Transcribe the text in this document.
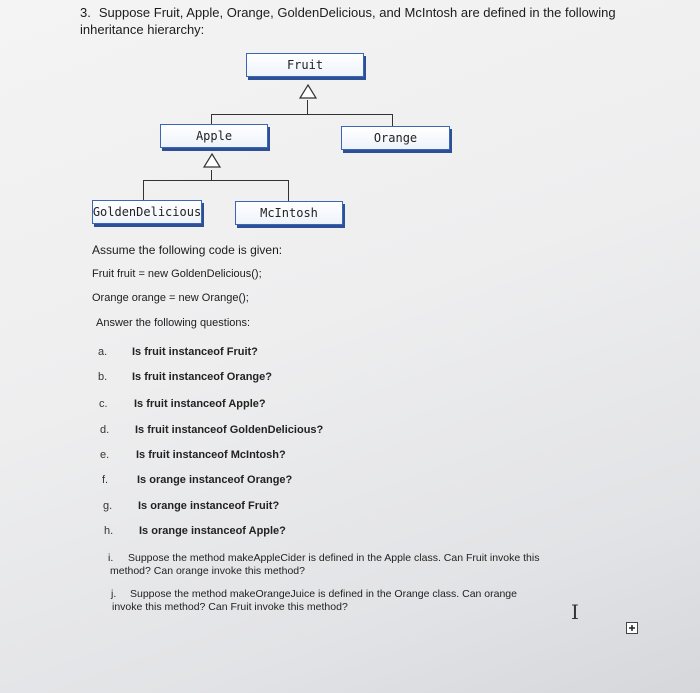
3. Suppose Fruit, Apple, Orange, GoldenDelicious, and McIntosh are defined in the following inheritance hierarchy:
Fruit
Apple	Orange
GoldenDelicious	McIntosh
Assume the following code is given:
Fruit fruit = new GoldenDelicious();
Orange orange = new Orange();
Answer the following questions:
a. Is fruit instanceof Fruit?
b. Is fruit instanceof Orange?
c. Is fruit instanceof Apple?
d. Is fruit instanceof GoldenDelicious?
e. Is fruit instanceof McIntosh?
f.	Is orange instanceof Orange?
g. Is orange instanceof Fruit?
h. Is orange instanceof Apple?
i.	Suppose the method makeAppleCider is defined in the Apple class. Can Fruit invoke this method? Can orange invoke this method?
j.	Suppose the method makeOrangeJuice is defined in the Orange class. Can orange invoke this method? Can Fruit invoke this method?	I
